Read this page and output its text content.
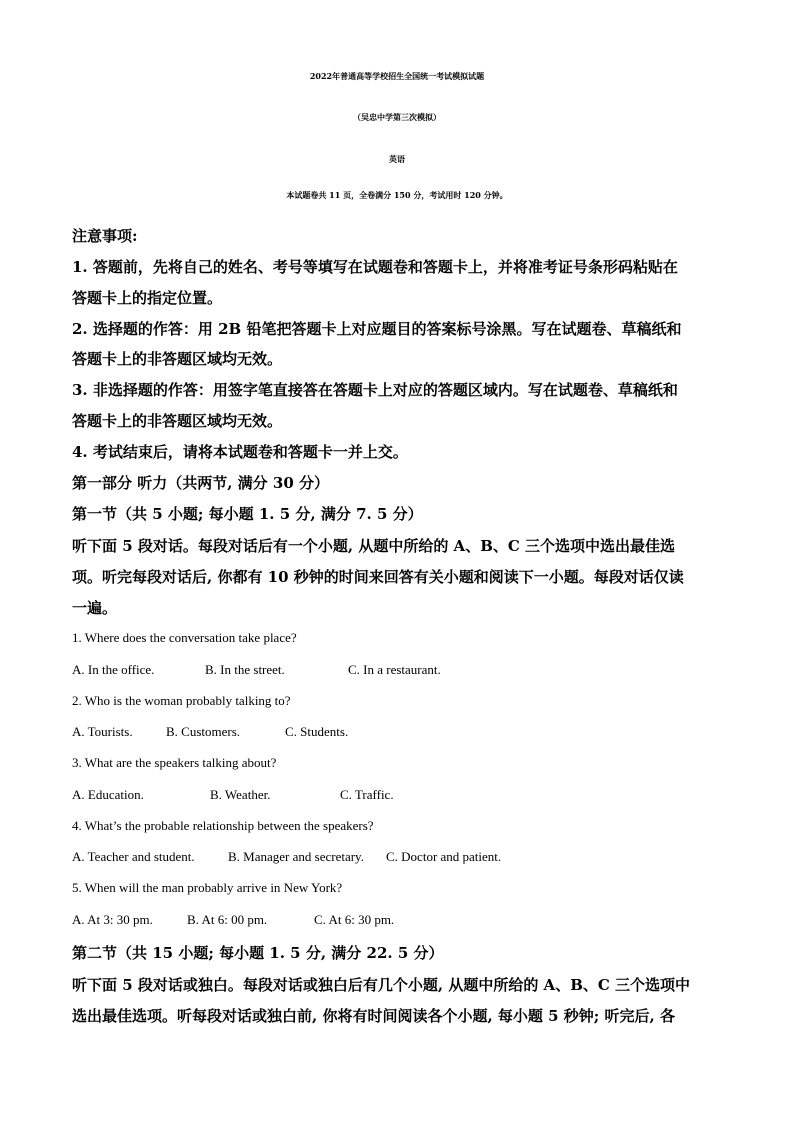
2022年普通高等学校招生全国统一考试模拟试题
（吴忠中学第三次模拟）
英语
本试题卷共 11 页，全卷满分 150 分，考试用时 120 分钟。
注意事项:
1. 答题前，先将自己的姓名、考号等填写在试题卷和答题卡上，并将准考证号条形码粘贴在
答题卡上的指定位置。
2. 选择题的作答：用 2B 铅笔把答题卡上对应题目的答案标号涂黑。写在试题卷、草稿纸和
答题卡上的非答题区域均无效。
3. 非选择题的作答：用签字笔直接答在答题卡上对应的答题区域内。写在试题卷、草稿纸和
答题卡上的非答题区域均无效。
4. 考试结束后，请将本试题卷和答题卡一并上交。
第一部分 听力（共两节, 满分 30 分）
第一节（共 5 小题; 每小题 1. 5 分, 满分 7. 5 分）
听下面 5 段对话。每段对话后有一个小题, 从题中所给的 A、B、C 三个选项中选出最佳选
项。听完每段对话后, 你都有 10 秒钟的时间来回答有关小题和阅读下一小题。每段对话仅读
一遍。
1. Where does the conversation take place?
A. In the office.	B. In the street.	C. In a restaurant.
2. Who is the woman probably talking to?
A. Tourists.	B. Customers.	C. Students.
3. What are the speakers talking about?
A. Education.	B. Weather.	C. Traffic.
4. What’s the probable relationship between the speakers?
A. Teacher and student.	B. Manager and secretary. C. Doctor and patient.
5. When will the man probably arrive in New York?
A. At 3: 30 pm.	B. At 6: 00 pm.	C. At 6: 30 pm.
第二节（共 15 小题; 每小题 1. 5 分, 满分 22. 5 分）
听下面 5 段对话或独白。每段对话或独白后有几个小题, 从题中所给的 A、B、C 三个选项中
选出最佳选项。听每段对话或独白前, 你将有时间阅读各个小题, 每小题 5 秒钟; 听完后, 各
